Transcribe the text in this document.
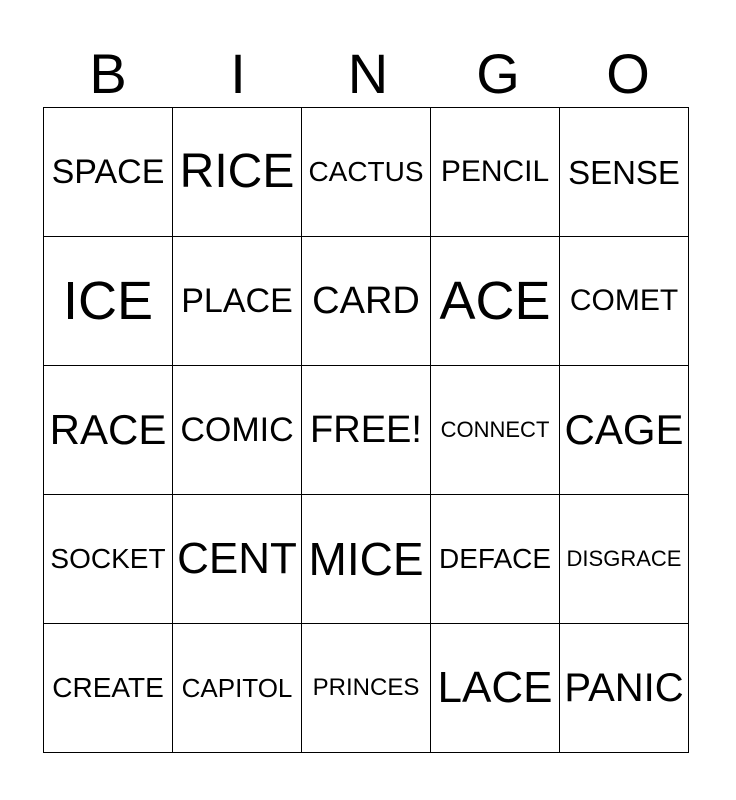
B	I	N	G	O
SPACE	RICE	CACTUS	PENCIL	SENSE
ICE	PLACE	CARD	ACE	COMET
RACE	COMIC	FREE!	CONNECT	CAGE
SOCKET	CENT	MICE	DEFACE	DISGRACE
CREATE	CAPITOL	PRINCES	LACE	PANIC
